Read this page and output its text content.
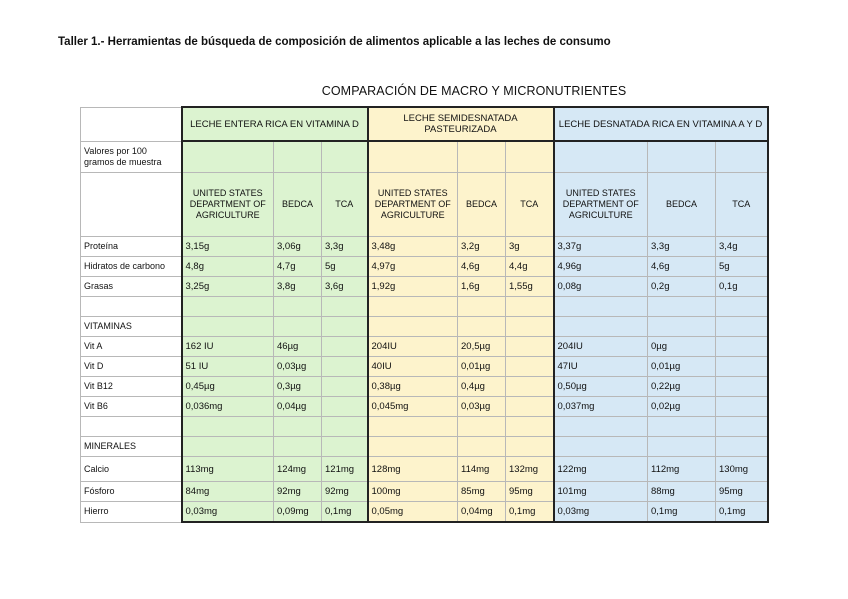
Taller 1.- Herramientas de búsqueda de composición de alimentos aplicable a las leches de consumo
COMPARACIÓN DE MACRO Y MICRONUTRIENTES
	LECHE ENTERA RICA EN VITAMINA D			LECHE SEMIDESNATADA PASTEURIZADA			LECHE DESNATADA RICA EN VITAMINA A Y D		
Valores por 100 gramos de muestra									
	UNITED STATES DEPARTMENT OF AGRICULTURE	BEDCA	TCA	UNITED STATES DEPARTMENT OF AGRICULTURE	BEDCA	TCA	UNITED STATES DEPARTMENT OF AGRICULTURE	BEDCA	TCA
Proteína	3,15g	3,06g	3,3g	3,48g	3,2g	3g	3,37g	3,3g	3,4g
Hidratos de carbono	4,8g	4,7g	5g	4,97g	4,6g	4,4g	4,96g	4,6g	5g
Grasas	3,25g	3,8g	3,6g	1,92g	1,6g	1,55g	0,08g	0,2g	0,1g

VITAMINAS									
Vit A	162 IU	46µg		204IU	20,5µg		204IU	0µg	
Vit D	51 IU	0,03µg		40IU	0,01µg		47IU	0,01µg	
Vit B12	0,45µg	0,3µg		0,38µg	0,4µg		0,50µg	0,22µg	
Vit B6	0,036mg	0,04µg		0,045mg	0,03µg		0,037mg	0,02µg	

MINERALES									
Calcio	113mg	124mg	121mg	128mg	114mg	132mg	122mg	112mg	130mg
Fósforo	84mg	92mg	92mg	100mg	85mg	95mg	101mg	88mg	95mg
Hierro	0,03mg	0,09mg	0,1mg	0,05mg	0,04mg	0,1mg	0,03mg	0,1mg	0,1mg
